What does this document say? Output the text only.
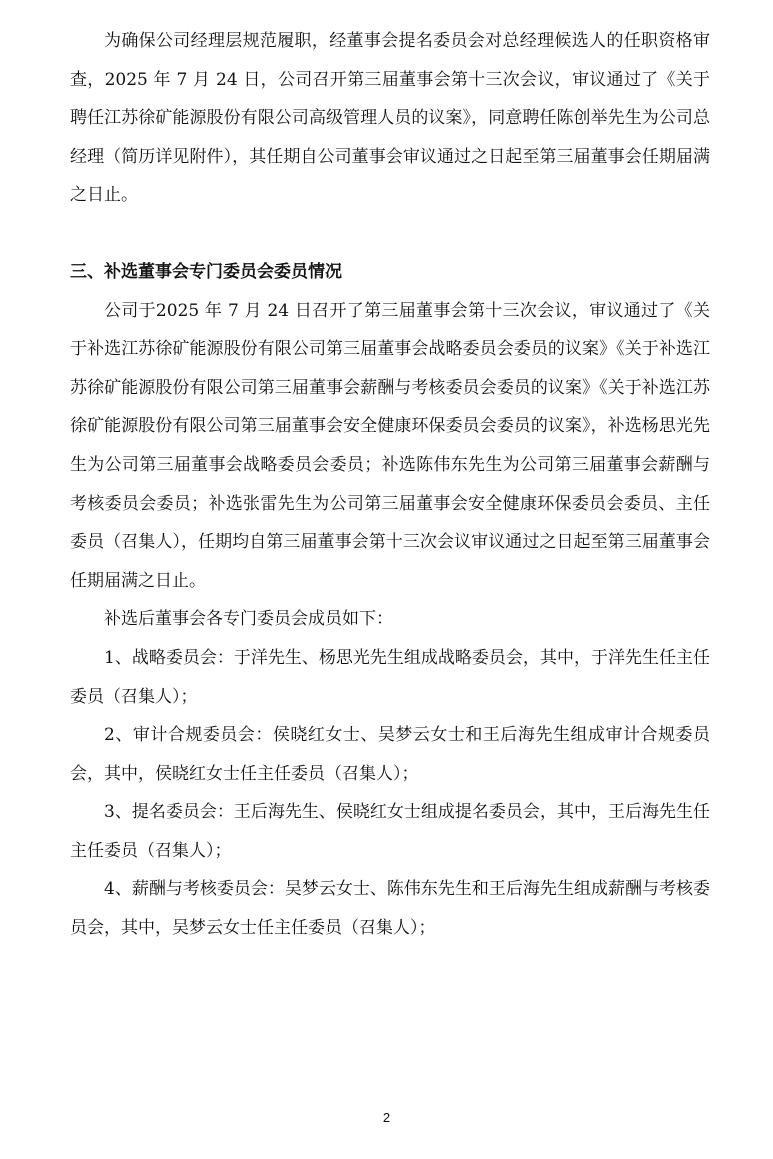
为确保公司经理层规范履职，经董事会提名委员会对总经理候选人的任职资格审查，2025 年 7 月 24 日，公司召开第三届董事会第十三次会议，审议通过了《关于聘任江苏徐矿能源股份有限公司高级管理人员的议案》，同意聘任陈创举先生为公司总经理（简历详见附件），其任期自公司董事会审议通过之日起至第三届董事会任期届满之日止。

三、补选董事会专门委员会委员情况

公司于2025 年 7 月 24 日召开了第三届董事会第十三次会议，审议通过了《关于补选江苏徐矿能源股份有限公司第三届董事会战略委员会委员的议案》《关于补选江苏徐矿能源股份有限公司第三届董事会薪酬与考核委员会委员的议案》《关于补选江苏徐矿能源股份有限公司第三届董事会安全健康环保委员会委员的议案》，补选杨思光先生为公司第三届董事会战略委员会委员；补选陈伟东先生为公司第三届董事会薪酬与考核委员会委员；补选张雷先生为公司第三届董事会安全健康环保委员会委员、主任委员（召集人），任期均自第三届董事会第十三次会议审议通过之日起至第三届董事会任期届满之日止。

补选后董事会各专门委员会成员如下：

1、战略委员会：于洋先生、杨思光先生组成战略委员会，其中，于洋先生任主任委员（召集人）；

2、审计合规委员会：侯晓红女士、吴梦云女士和王后海先生组成审计合规委员会，其中，侯晓红女士任主任委员（召集人）；

3、提名委员会：王后海先生、侯晓红女士组成提名委员会，其中，王后海先生任主任委员（召集人）；

4、薪酬与考核委员会：吴梦云女士、陈伟东先生和王后海先生组成薪酬与考核委员会，其中，吴梦云女士任主任委员（召集人）；

2
